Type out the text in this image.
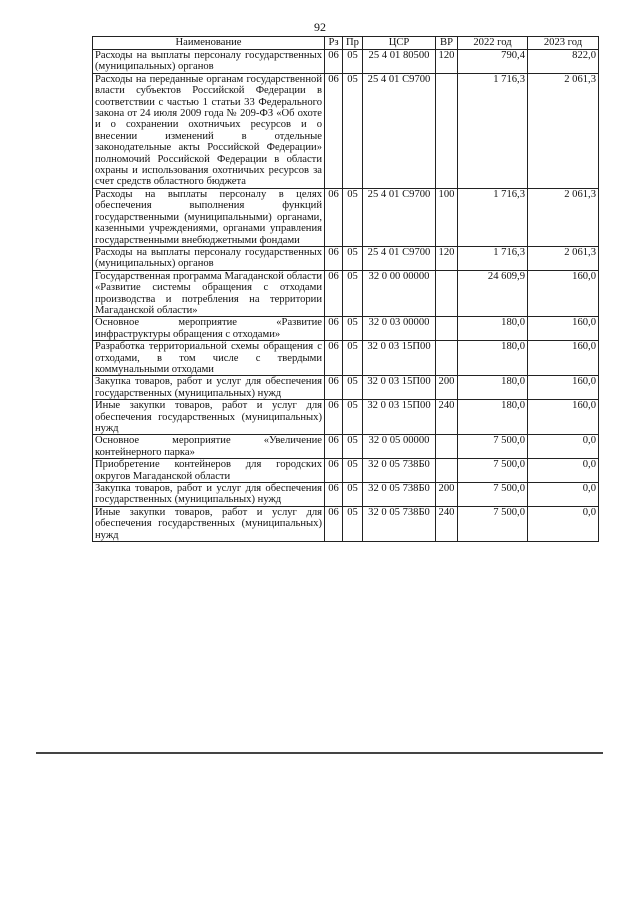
92
Наименование	Рз	Пр	ЦСР	ВР	2022 год	2023 год
Расходы на выплаты персоналу государственных (муниципальных) органов	06	05	25 4 01 80500	120	790,4	822,0
Расходы на переданные органам государственной власти субъектов Российской Федерации в соответствии с частью 1 статьи 33 Федерального закона от 24 июля 2009 года № 209-ФЗ «Об охоте и о сохранении охотничьих ресурсов и о внесении изменений в отдельные законодательные акты Российской Федерации» полномочий Российской Федерации в области охраны и использования охотничьих ресурсов за счет средств областного бюджета	06	05	25 4 01 С9700		1 716,3	2 061,3
Расходы на выплаты персоналу в целях обеспечения выполнения функций государственными (муниципальными) органами, казенными учреждениями, органами управления государственными внебюджетными фондами	06	05	25 4 01 С9700	100	1 716,3	2 061,3
Расходы на выплаты персоналу государственных (муниципальных) органов	06	05	25 4 01 С9700	120	1 716,3	2 061,3
Государственная программа Магаданской области «Развитие системы обращения с отходами производства и потребления на территории Магаданской области»	06	05	32 0 00 00000		24 609,9	160,0
Основное мероприятие «Развитие инфраструктуры обращения с отходами»	06	05	32 0 03 00000		180,0	160,0
Разработка территориальной схемы обращения с отходами, в том числе с твердыми коммунальными отходами	06	05	32 0 03 15П00		180,0	160,0
Закупка товаров, работ и услуг для обеспечения государственных (муниципальных) нужд	06	05	32 0 03 15П00	200	180,0	160,0
Иные закупки товаров, работ и услуг для обеспечения государственных (муниципальных) нужд	06	05	32 0 03 15П00	240	180,0	160,0
Основное мероприятие «Увеличение контейнерного парка»	06	05	32 0 05 00000		7 500,0	0,0
Приобретение контейнеров для городских округов Магаданской области	06	05	32 0 05 738Б0		7 500,0	0,0
Закупка товаров, работ и услуг для обеспечения государственных (муниципальных) нужд	06	05	32 0 05 738Б0	200	7 500,0	0,0
Иные закупки товаров, работ и услуг для обеспечения государственных (муниципальных) нужд	06	05	32 0 05 738Б0	240	7 500,0	0,0
